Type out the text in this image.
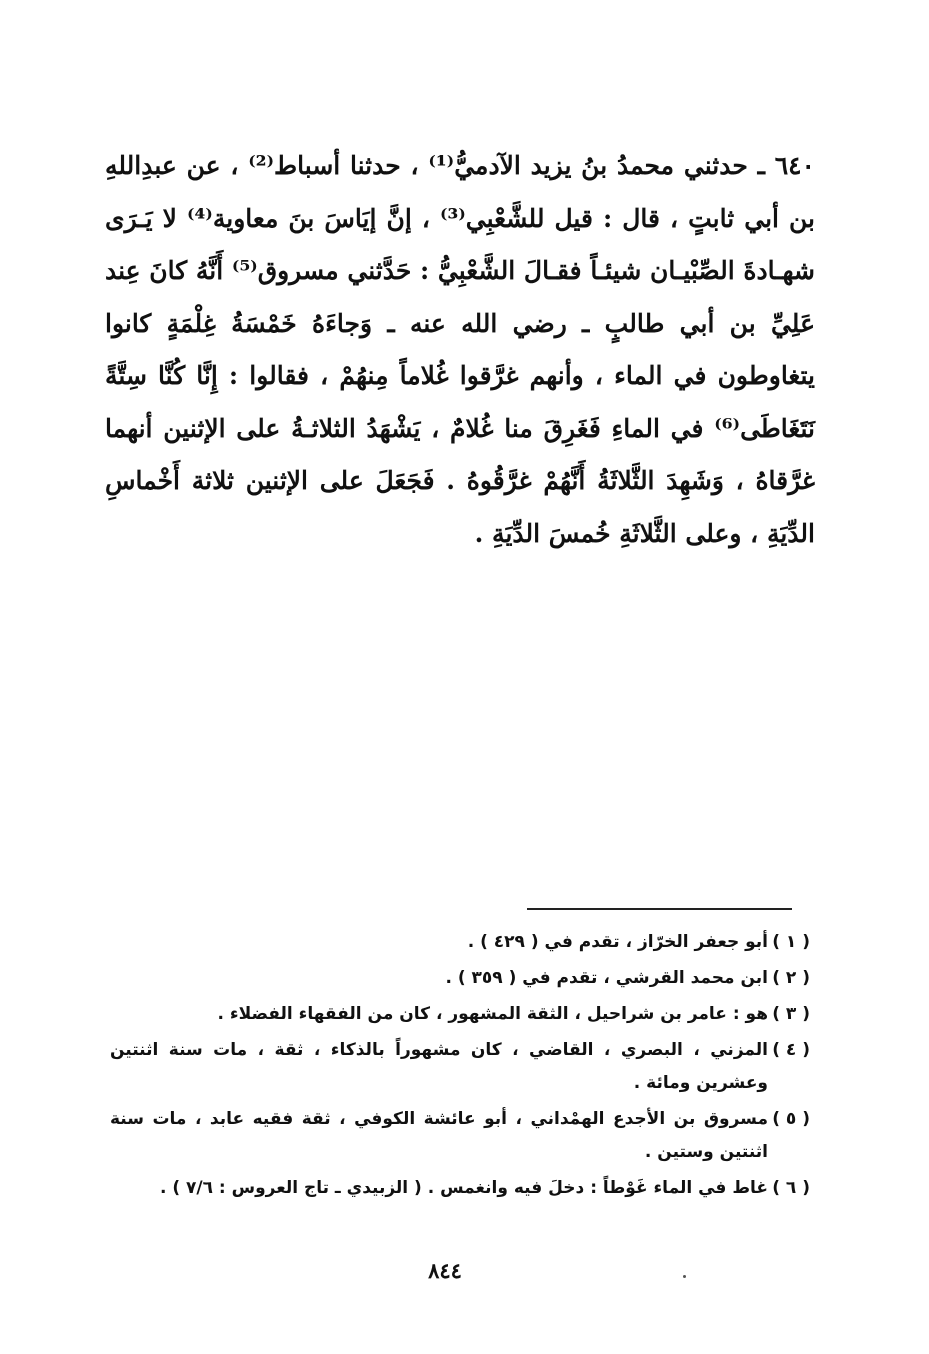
٦٤٠ ـ حدثني محمدُ بنُ يزيد الآدميُّ⁽¹⁾ ، حدثنا أسباط⁽²⁾ ، عن عبدِاللهِ بن أبي ثابتٍ ، قال : قيل للشَّعْبِي⁽³⁾ ، إنَّ إيَاسَ بنَ معاوية⁽⁴⁾ لا يَـرَى شهـادةَ الصِّبْيـان شيئـاً فقـالَ الشَّعْبِيُّ : حَدَّثني مسروق⁽⁵⁾ أَنَّهُ كانَ عِند عَلِيِّ بن أبي طالبٍ ـ رضي الله عنه ـ وَجاءَهُ خَمْسَةُ غِلْمَةٍ كانوا يتغاوطون في الماء ، وأنهم غرَّقوا غُلاماً مِنهُمْ ، فقالوا : إِنَّا كُنَّا سِتَّةً نَتَغَاطَى⁽⁶⁾ في الماءِ فَغَرِقَ منا غُلامٌ ، يَشْهَدُ الثلاثـةُ على الإثنين أنهما غرَّقاهُ ، وَشَهِدَ الثَّلاثَةُ أَنَّهُمْ غرَّقُوهُ . فَجَعَلَ على الإثنين ثلاثة أَخْماسِ الدِّيَةِ ، وعلى الثَّلاثَةِ خُمسَ الدِّيَةِ .

( ١ )
أبو جعفر الخرّاز ، تقدم في ( ٤٢٩ ) .
( ٢ )
ابن محمد القرشي ، تقدم في ( ٣٥٩ ) .
( ٣ )
هو : عامر بن شراحيل ، الثقة المشهور ، كان من الفقهاء الفضلاء .
( ٤ )
المزني ، البصري ، القاضي ، كان مشهوراً بالذكاء ، ثقة ، مات سنة اثنتين وعشرين ومائة .
( ٥ )
مسروق بن الأجدع الهمْداني ، أبو عائشة الكوفي ، ثقة فقيه عابد ، مات سنة اثنتين وستين .
( ٦ )
غاط في الماء غَوْطاً : دخلَ فيه وانغمس . ( الزبيدي ـ تاج العروس : ٧/٦ ) .
٨٤٤
